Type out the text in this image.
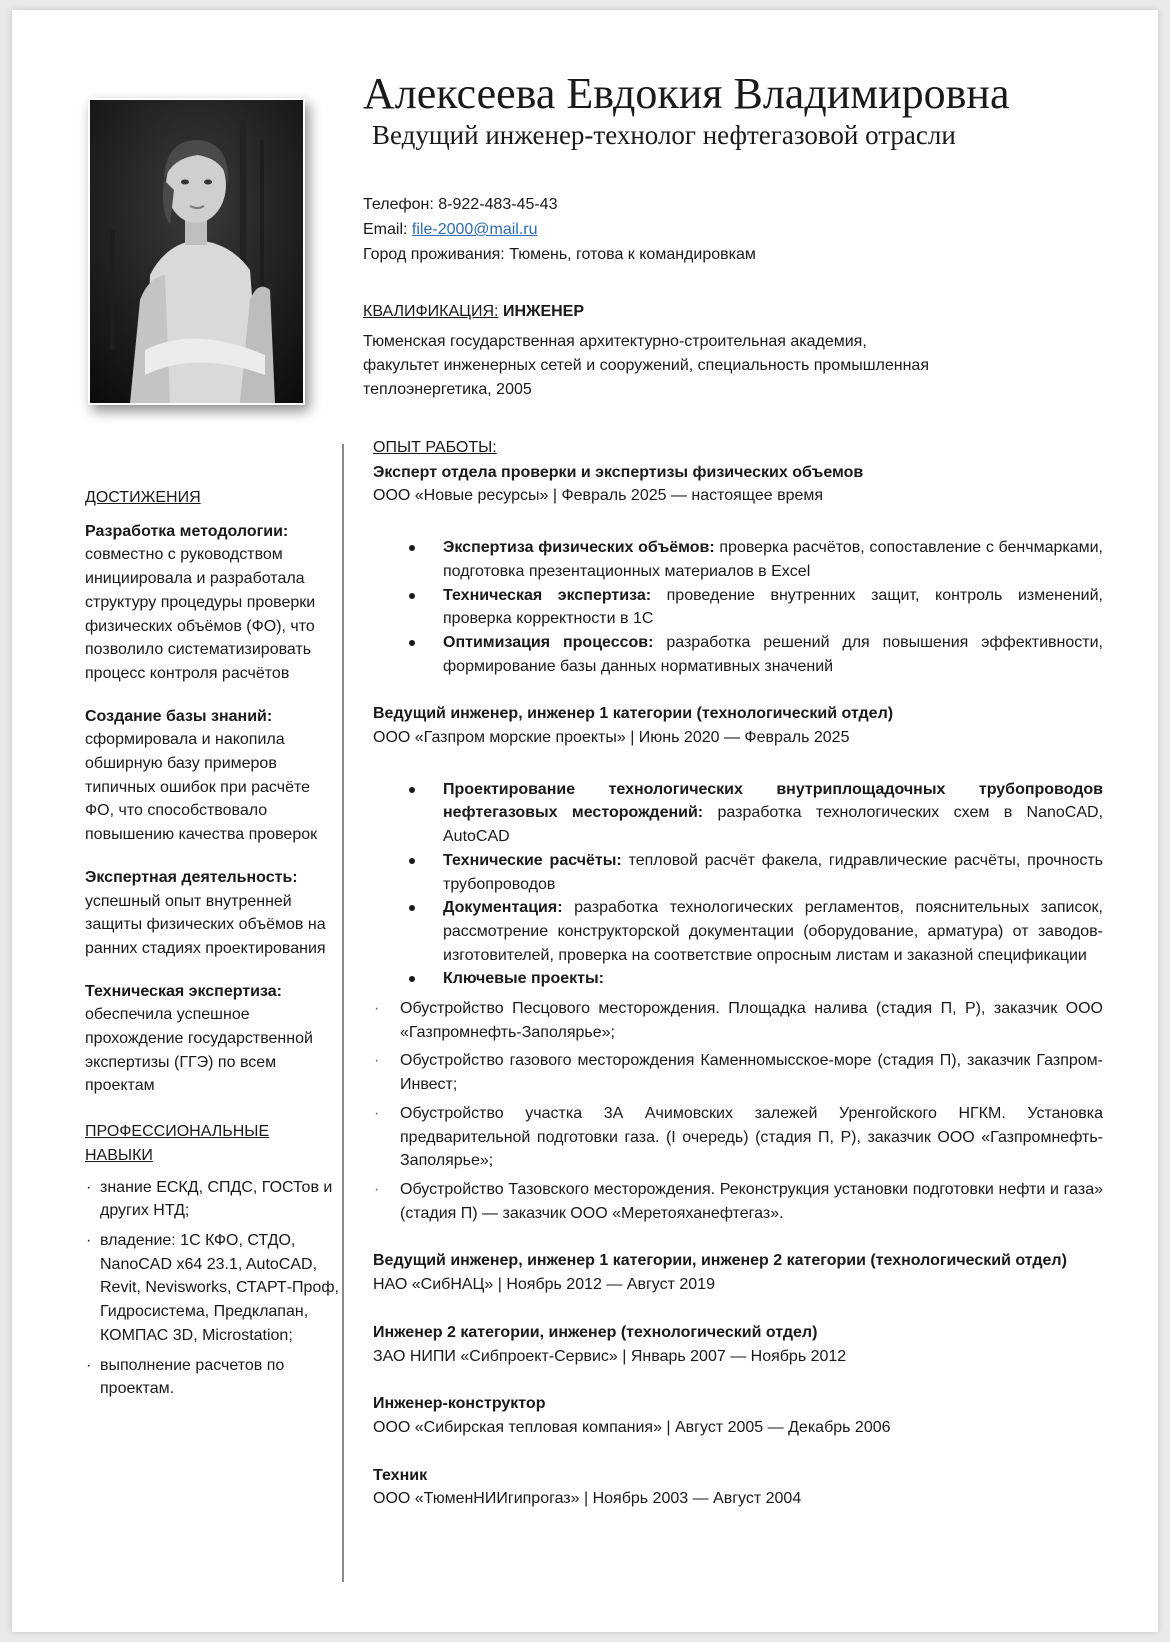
Алексеева Евдокия Владимировна
Ведущий инженер-технолог нефтегазовой отрасли
Телефон: 8-922-483-45-43
Email: file-2000@mail.ru
Город проживания: Тюмень, готова к командировкам
КВАЛИФИКАЦИЯ: ИНЖЕНЕР
Тюменская государственная архитектурно-строительная академия,
факультет инженерных сетей и сооружений, специальность промышленная
теплоэнергетика, 2005
ДОСТИЖЕНИЯ
Разработка методологии: совместно с руководством инициировала и разработала структуру процедуры проверки физических объёмов (ФО), что позволило систематизировать процесс контроля расчётов
Создание базы знаний: сформировала и накопила обширную базу примеров типичных ошибок при расчёте ФО, что способствовало повышению качества проверок
Экспертная деятельность: успешный опыт внутренней защиты физических объёмов на ранних стадиях проектирования
Техническая экспертиза: обеспечила успешное прохождение государственной экспертизы (ГГЭ) по всем проектам
ПРОФЕССИОНАЛЬНЫЕ НАВЫКИ
· знание ЕСКД, СПДС, ГОСТов и других НТД;
· владение: 1С КФО, СТДО, NanoCAD x64 23.1, AutoCAD, Revit, Nevisworks, СТАРТ-Проф, Гидросистема, Предклапан, КОМПАС 3D, Microstation;
· выполнение расчетов по проектам.
ОПЫТ РАБОТЫ:
Эксперт отдела проверки и экспертизы физических объемов
ООО «Новые ресурсы» | Февраль 2025 — настоящее время
Экспертиза физических объёмов: проверка расчётов, сопоставление с бенчмарками, подготовка презентационных материалов в Excel
Техническая экспертиза: проведение внутренних защит, контроль изменений, проверка корректности в 1С
Оптимизация процессов: разработка решений для повышения эффективности, формирование базы данных нормативных значений
Ведущий инженер, инженер 1 категории (технологический отдел)
ООО «Газпром морские проекты» | Июнь 2020 — Февраль 2025
Проектирование технологических внутриплощадочных трубопроводов нефтегазовых месторождений: разработка технологических схем в NanoCAD, AutoCAD
Технические расчёты: тепловой расчёт факела, гидравлические расчёты, прочность трубопроводов
Документация: разработка технологических регламентов, пояснительных записок, рассмотрение конструкторской документации (оборудование, арматура) от заводов-изготовителей, проверка на соответствие опросным листам и заказной спецификации
Ключевые проекты:
· Обустройство Песцового месторождения. Площадка налива (стадия П, Р), заказчик ООО «Газпромнефть-Заполярье»;
· Обустройство газового месторождения Каменномысское-море (стадия П), заказчик Газпром-Инвест;
· Обустройство участка 3А Ачимовских залежей Уренгойского НГКМ. Установка предварительной подготовки газа. (I очередь) (стадия П, Р), заказчик ООО «Газпромнефть-Заполярье»;
· Обустройство Тазовского месторождения. Реконструкция установки подготовки нефти и газа» (стадия П) — заказчик ООО «Меретояханефтегаз».
Ведущий инженер, инженер 1 категории, инженер 2 категории (технологический отдел)
НАО «СибНАЦ» | Ноябрь 2012 — Август 2019
Инженер 2 категории, инженер (технологический отдел)
ЗАО НИПИ «Сибпроект-Сервис» | Январь 2007 — Ноябрь 2012
Инженер-конструктор
ООО «Сибирская тепловая компания» | Август 2005 — Декабрь 2006
Техник
ООО «ТюменНИИгипрогаз» | Ноябрь 2003 — Август 2004
